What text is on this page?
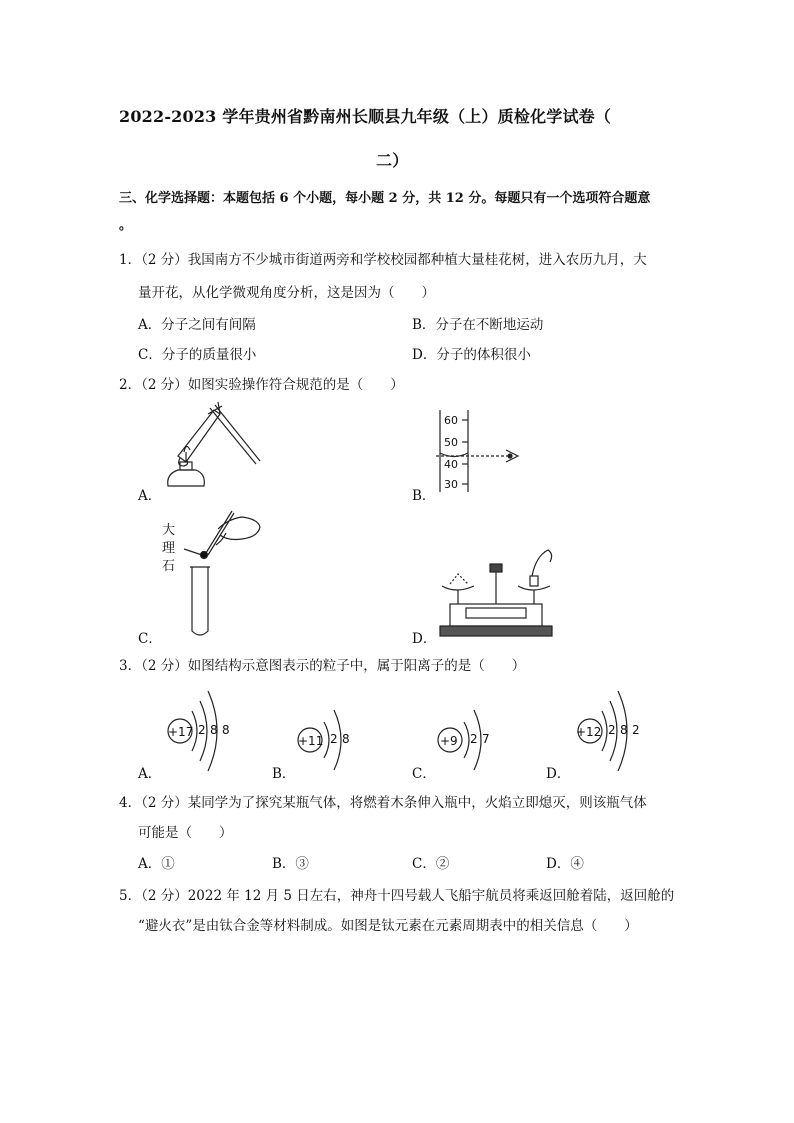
2022-2023 学年贵州省黔南州长顺县九年级（上）质检化学试卷（
二）
三、化学选择题：本题包括 6 个小题，每小题 2 分，共 12 分。每题只有一个选项符合题意
。
1．（2 分）我国南方不少城市街道两旁和学校校园都种植大量桂花树，进入农历九月，大
量开花，从化学微观角度分析，这是因为（　　）
A．分子之间有间隔	B．分子在不断地运动
C．分子的质量很小	D．分子的体积很小
2．（2 分）如图实验操作符合规范的是（　　）
A．
60
50
40
30
B．
大
理
石
C．	D．
3．（2 分）如图结构示意图表示的粒子中，属于阳离子的是（　　）
+17 2 8 8
A．
+11 2 8
B．
+9 2 7
C．
+12 2 8 2
D．
4．（2 分）某同学为了探究某瓶气体，将燃着木条伸入瓶中，火焰立即熄灭，则该瓶气体
可能是（　　）
A．①	B．③	C．②	D．④
5．（2 分）2022 年 12 月 5 日左右，神舟十四号载人飞船宇航员将乘返回舱着陆，返回舱的
“避火衣”是由钛合金等材料制成。如图是钛元素在元素周期表中的相关信息（　　）
